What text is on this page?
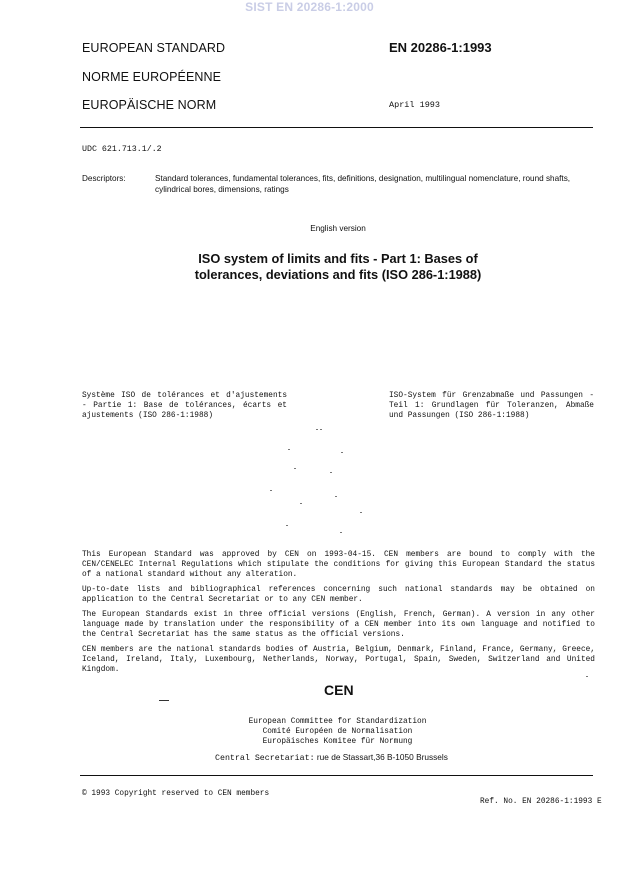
SIST EN 20286-1:2000
EUROPEAN STANDARD
NORME EUROPÉENNE
EUROPÄISCHE NORM
EN 20286-1:1993
April 1993
UDC 621.713.1/.2
Descriptors:	Standard tolerances, fundamental tolerances, fits, definitions, designation, multilingual nomenclature, round shafts, cylindrical bores, dimensions, ratings
English version
ISO system of limits and fits - Part 1: Bases of
tolerances, deviations and fits (ISO 286-1:1988)
Système ISO de tolérances et d'ajustements - Partie 1: Base de tolérances, écarts et ajustements (ISO 286-1:1988)
ISO-System für Grenzabmaße und Passungen - Teil 1: Grundlagen für Toleranzen, Abmaße und Passungen (ISO 286-1:1988)

This European Standard was approved by CEN on 1993-04-15. CEN members are bound to comply with the CEN/CENELEC Internal Regulations which stipulate the conditions for giving this European Standard the status of a national standard without any alteration.

Up-to-date lists and bibliographical references concerning such national standards may be obtained on application to the Central Secretariat or to any CEN member.

The European Standards exist in three official versions (English, French, German). A version in any other language made by translation under the responsibility of a CEN member into its own language and notified to the Central Secretariat has the same status as the official versions.

CEN members are the national standards bodies of Austria, Belgium, Denmark, Finland, France, Germany, Greece, Iceland, Ireland, Italy, Luxembourg, Netherlands, Norway, Portugal, Spain, Sweden, Switzerland and United Kingdom.

CEN
European Committee for Standardization
Comité Européen de Normalisation
Europäisches Komitee für Normung
Central Secretariat: rue de Stassart,36 B-1050 Brussels
© 1993 Copyright reserved to CEN members
Ref. No. EN 20286-1:1993 E
